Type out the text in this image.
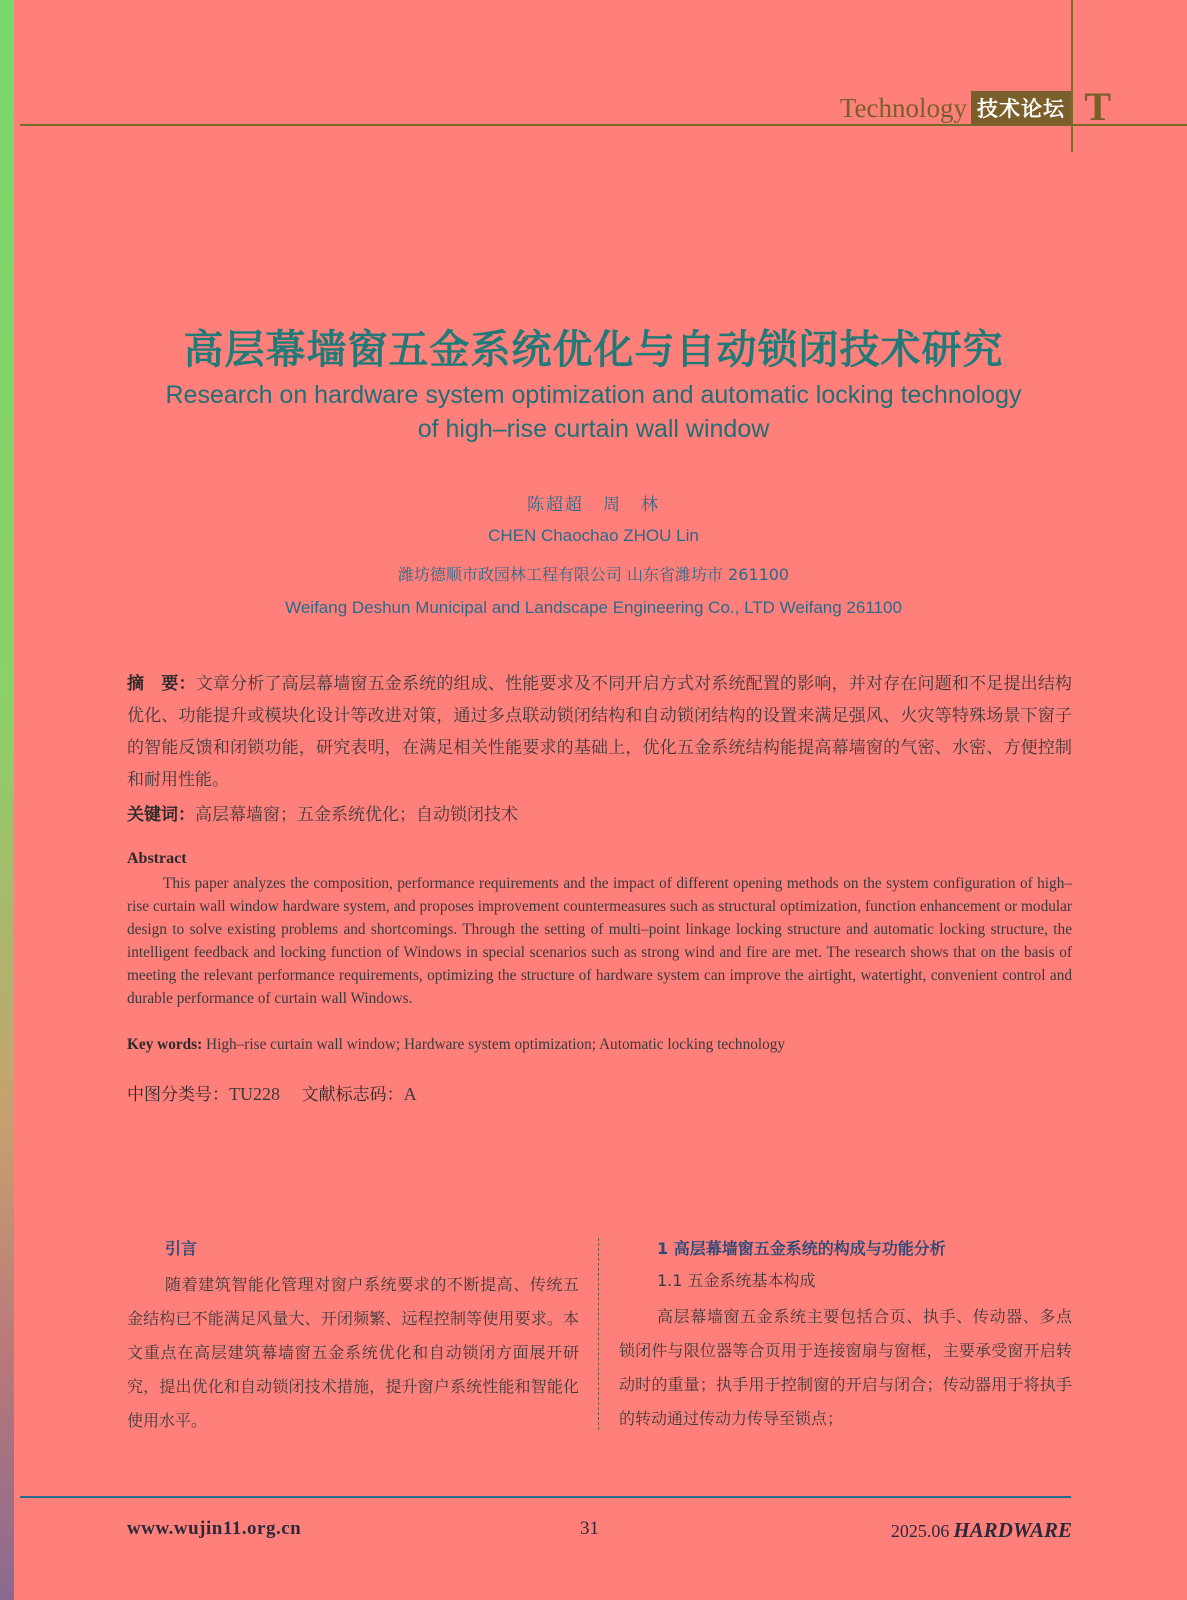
Technology 技术论坛 T
高层幕墙窗五金系统优化与自动锁闭技术研究
Research on hardware system optimization and automatic locking technology
of high–rise curtain wall window
陈超超　周　林
CHEN Chaochao ZHOU Lin
潍坊德顺市政园林工程有限公司 山东省潍坊市 261100
Weifang Deshun Municipal and Landscape Engineering Co., LTD Weifang 261100
摘　要：文章分析了高层幕墙窗五金系统的组成、性能要求及不同开启方式对系统配置的影响，并对存在问题和不足提出结构优化、功能提升或模块化设计等改进对策，通过多点联动锁闭结构和自动锁闭结构的设置来满足强风、火灾等特殊场景下窗子的智能反馈和闭锁功能，研究表明，在满足相关性能要求的基础上，优化五金系统结构能提高幕墙窗的气密、水密、方便控制和耐用性能。
关键词：高层幕墙窗；五金系统优化；自动锁闭技术
Abstract
This paper analyzes the composition, performance requirements and the impact of different opening methods on the system configuration of high–rise curtain wall window hardware system, and proposes improvement countermeasures such as structural optimization, function enhancement or modular design to solve existing problems and shortcomings. Through the setting of multi–point linkage locking structure and automatic locking structure, the intelligent feedback and locking function of Windows in special scenarios such as strong wind and fire are met. The research shows that on the basis of meeting the relevant performance requirements, optimizing the structure of hardware system can improve the airtight, watertight, convenient control and durable performance of curtain wall Windows.
Key words: High–rise curtain wall window; Hardware system optimization; Automatic locking technology
中图分类号：TU228 文献标志码：A
引言

随着建筑智能化管理对窗户系统要求的不断提高、传统五金结构已不能满足风量大、开闭频繁、远程控制等使用要求。本文重点在高层建筑幕墙窗五金系统优化和自动锁闭方面展开研究，提出优化和自动锁闭技术措施，提升窗户系统性能和智能化使用水平。

1 高层幕墙窗五金系统的构成与功能分析
1.1 五金系统基本构成

高层幕墙窗五金系统主要包括合页、执手、传动器、多点锁闭件与限位器等合页用于连接窗扇与窗框，主要承受窗开启转动时的重量；执手用于控制窗的开启与闭合；传动器用于将执手的转动通过传动力传导至锁点；

www.wujin11.org.cn	31	2025.06 HARDWARE
